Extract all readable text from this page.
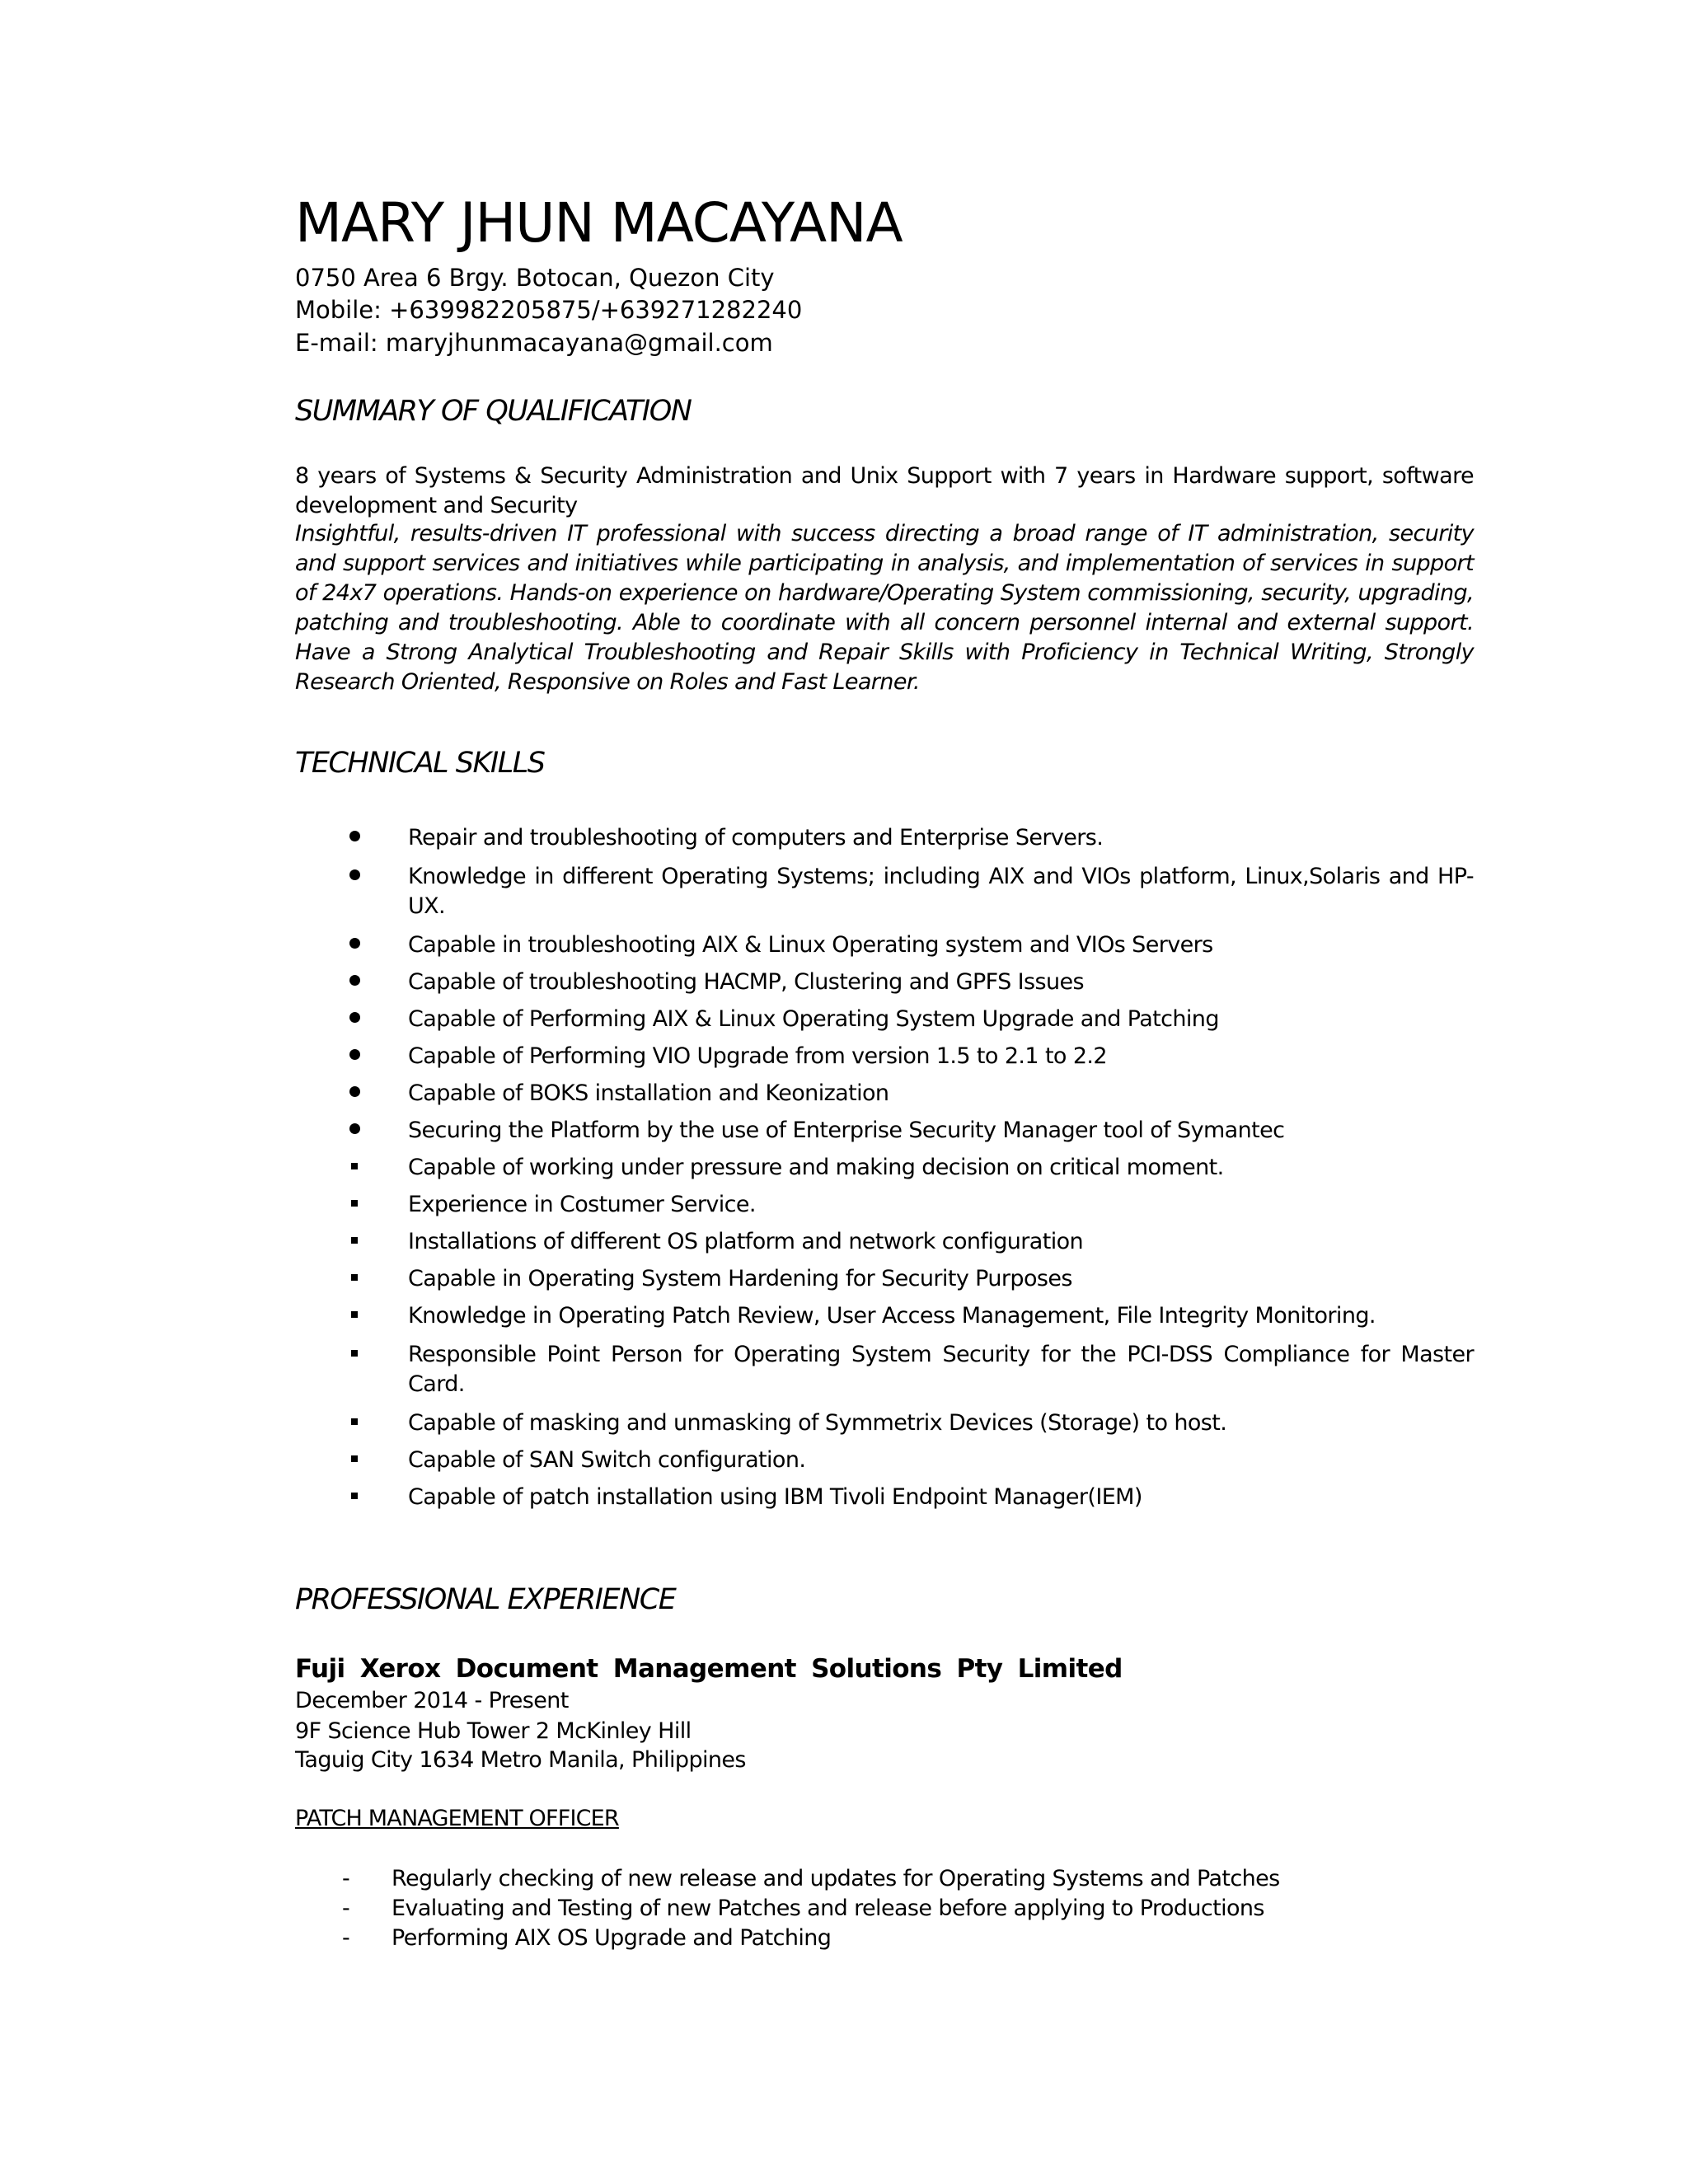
MARY JHUN MACAYANA
0750 Area 6 Brgy. Botocan, Quezon City
Mobile: +639982205875/+639271282240
E-mail: maryjhunmacayana@gmail.com
SUMMARY OF QUALIFICATION
8 years of Systems & Security Administration and Unix Support with 7 years in Hardware support, software development and Security
Insightful, results-driven IT professional with success directing a broad range of IT administration, security and support services and initiatives while participating in analysis, and implementation of services in support of 24x7 operations. Hands-on experience on hardware/Operating System commissioning, security, upgrading, patching and troubleshooting. Able to coordinate with all concern personnel internal and external support. Have a Strong Analytical Troubleshooting and Repair Skills with Proficiency in Technical Writing, Strongly Research Oriented, Responsive on Roles and Fast Learner.
TECHNICAL SKILLS
Repair and troubleshooting of computers and Enterprise Servers.
Knowledge in different Operating Systems; including AIX and VIOs platform, Linux,Solaris and HP-UX.
Capable in troubleshooting AIX & Linux Operating system and VIOs Servers
Capable of troubleshooting HACMP, Clustering and GPFS Issues
Capable of Performing AIX & Linux Operating System Upgrade and Patching
Capable of Performing VIO Upgrade from version 1.5 to 2.1 to 2.2
Capable of BOKS installation and Keonization
Securing the Platform by the use of Enterprise Security Manager tool of Symantec
Capable of working under pressure and making decision on critical moment.
Experience in Costumer Service.
Installations of different OS platform and network configuration
Capable in Operating System Hardening for Security Purposes
Knowledge in Operating Patch Review, User Access Management, File Integrity Monitoring.
Responsible Point Person for Operating System Security for the PCI-DSS Compliance for Master Card.
Capable of masking and unmasking of Symmetrix Devices (Storage) to host.
Capable of SAN Switch configuration.
Capable of patch installation using IBM Tivoli Endpoint Manager(IEM)
PROFESSIONAL EXPERIENCE
Fuji Xerox Document Management Solutions Pty Limited
December 2014 - Present
9F Science Hub Tower 2 McKinley Hill
Taguig City 1634 Metro Manila, Philippines
PATCH MANAGEMENT OFFICER
- Regularly checking of new release and updates for Operating Systems and Patches
- Evaluating and Testing of new Patches and release before applying to Productions
- Performing AIX OS Upgrade and Patching
